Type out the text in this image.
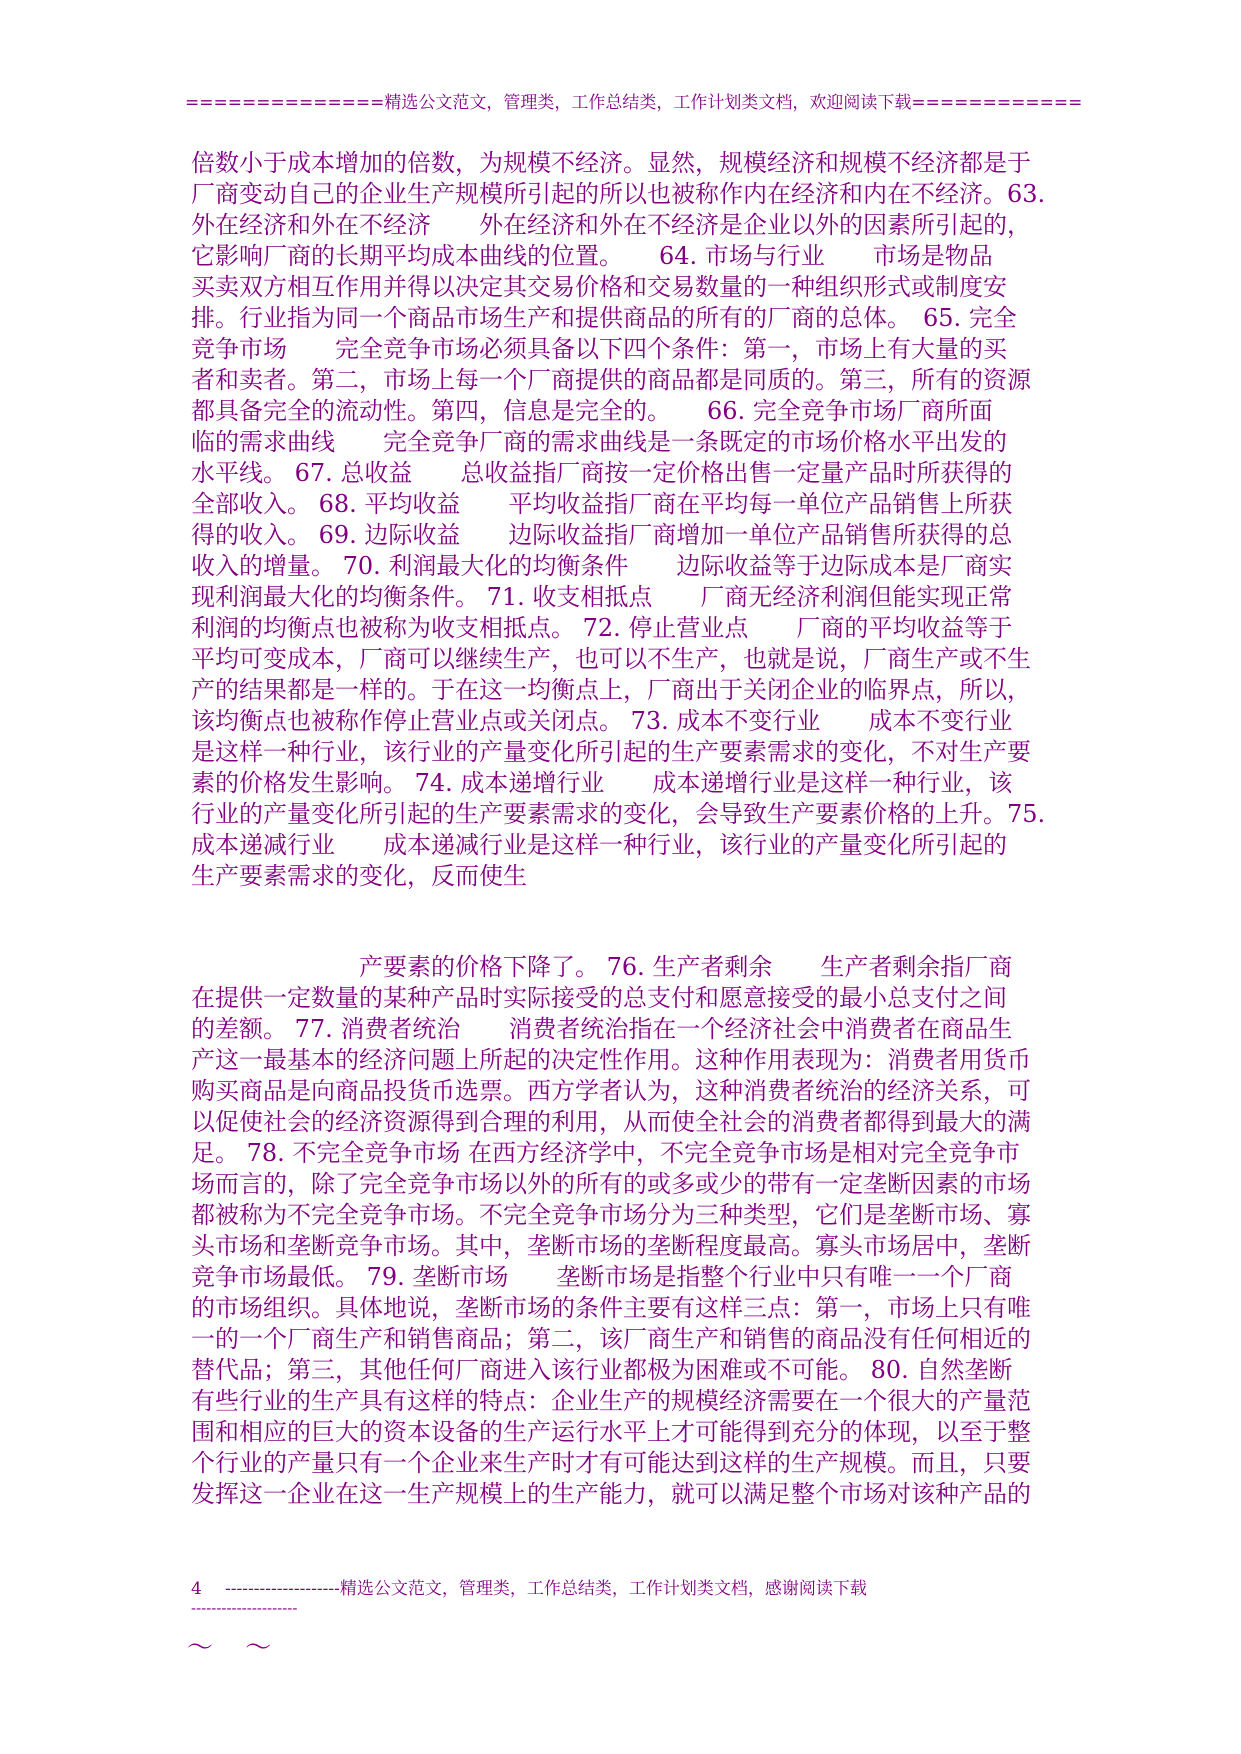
==============精选公文范文，管理类，工作总结类，工作计划类文档，欢迎阅读下载============
倍数小于成本增加的倍数，为规模不经济。显然，规模经济和规模不经济都是于
厂商变动自己的企业生产规模所引起的所以也被称作内在经济和内在不经济。63.
外在经济和外在不经济　　外在经济和外在不经济是企业以外的因素所引起的，
它影响厂商的长期平均成本曲线的位置。　　64. 市场与行业　　市场是物品
买卖双方相互作用并得以决定其交易价格和交易数量的一种组织形式或制度安
排。行业指为同一个商品市场生产和提供商品的所有的厂商的总体。　65. 完全
竞争市场　　完全竞争市场必须具备以下四个条件：第一，市场上有大量的买
者和卖者。第二，市场上每一个厂商提供的商品都是同质的。第三，所有的资源
都具备完全的流动性。第四，信息是完全的。　　66. 完全竞争市场厂商所面
临的需求曲线　　完全竞争厂商的需求曲线是一条既定的市场价格水平出发的
水平线。 67. 总收益　　总收益指厂商按一定价格出售一定量产品时所获得的
全部收入。 68. 平均收益　　平均收益指厂商在平均每一单位产品销售上所获
得的收入。 69. 边际收益　　边际收益指厂商增加一单位产品销售所获得的总
收入的增量。 70. 利润最大化的均衡条件　　边际收益等于边际成本是厂商实
现利润最大化的均衡条件。 71. 收支相抵点　　厂商无经济利润但能实现正常
利润的均衡点也被称为收支相抵点。 72. 停止营业点　　厂商的平均收益等于
平均可变成本，厂商可以继续生产，也可以不生产，也就是说，厂商生产或不生
产的结果都是一样的。于在这一均衡点上，厂商出于关闭企业的临界点，所以，
该均衡点也被称作停止营业点或关闭点。 73. 成本不变行业　　成本不变行业
是这样一种行业，该行业的产量变化所引起的生产要素需求的变化，不对生产要
素的价格发生影响。 74. 成本递增行业　　成本递增行业是这样一种行业，该
行业的产量变化所引起的生产要素需求的变化，会导致生产要素价格的上升。75.
成本递减行业　　成本递减行业是这样一种行业，该行业的产量变化所引起的
生产要素需求的变化，反而使生
　　　　　　　产要素的价格下降了。 76. 生产者剩余　　生产者剩余指厂商
在提供一定数量的某种产品时实际接受的总支付和愿意接受的最小总支付之间
的差额。 77. 消费者统治　　消费者统治指在一个经济社会中消费者在商品生
产这一最基本的经济问题上所起的决定性作用。这种作用表现为：消费者用货币
购买商品是向商品投货币选票。西方学者认为，这种消费者统治的经济关系，可
以促使社会的经济资源得到合理的利用，从而使全社会的消费者都得到最大的满
足。 78. 不完全竞争市场 在西方经济学中，不完全竞争市场是相对完全竞争市
场而言的，除了完全竞争市场以外的所有的或多或少的带有一定垄断因素的市场
都被称为不完全竞争市场。不完全竞争市场分为三种类型，它们是垄断市场、寡
头市场和垄断竞争市场。其中，垄断市场的垄断程度最高。寡头市场居中，垄断
竞争市场最低。 79. 垄断市场　　垄断市场是指整个行业中只有唯一一个厂商
的市场组织。具体地说，垄断市场的条件主要有这样三点：第一，市场上只有唯
一的一个厂商生产和销售商品；第二，该厂商生产和销售的商品没有任何相近的
替代品；第三，其他任何厂商进入该行业都极为困难或不可能。 80. 自然垄断
有些行业的生产具有这样的特点：企业生产的规模经济需要在一个很大的产量范
围和相应的巨大的资本设备的生产运行水平上才可能得到充分的体现，以至于整
个行业的产量只有一个企业来生产时才有可能达到这样的生产规模。而且，只要
发挥这一企业在这一生产规模上的生产能力，就可以满足整个市场对该种产品的
4 --------------------精选公文范文，管理类，工作总结类，工作计划类文档，感谢阅读下载
---------------------
～ ～
